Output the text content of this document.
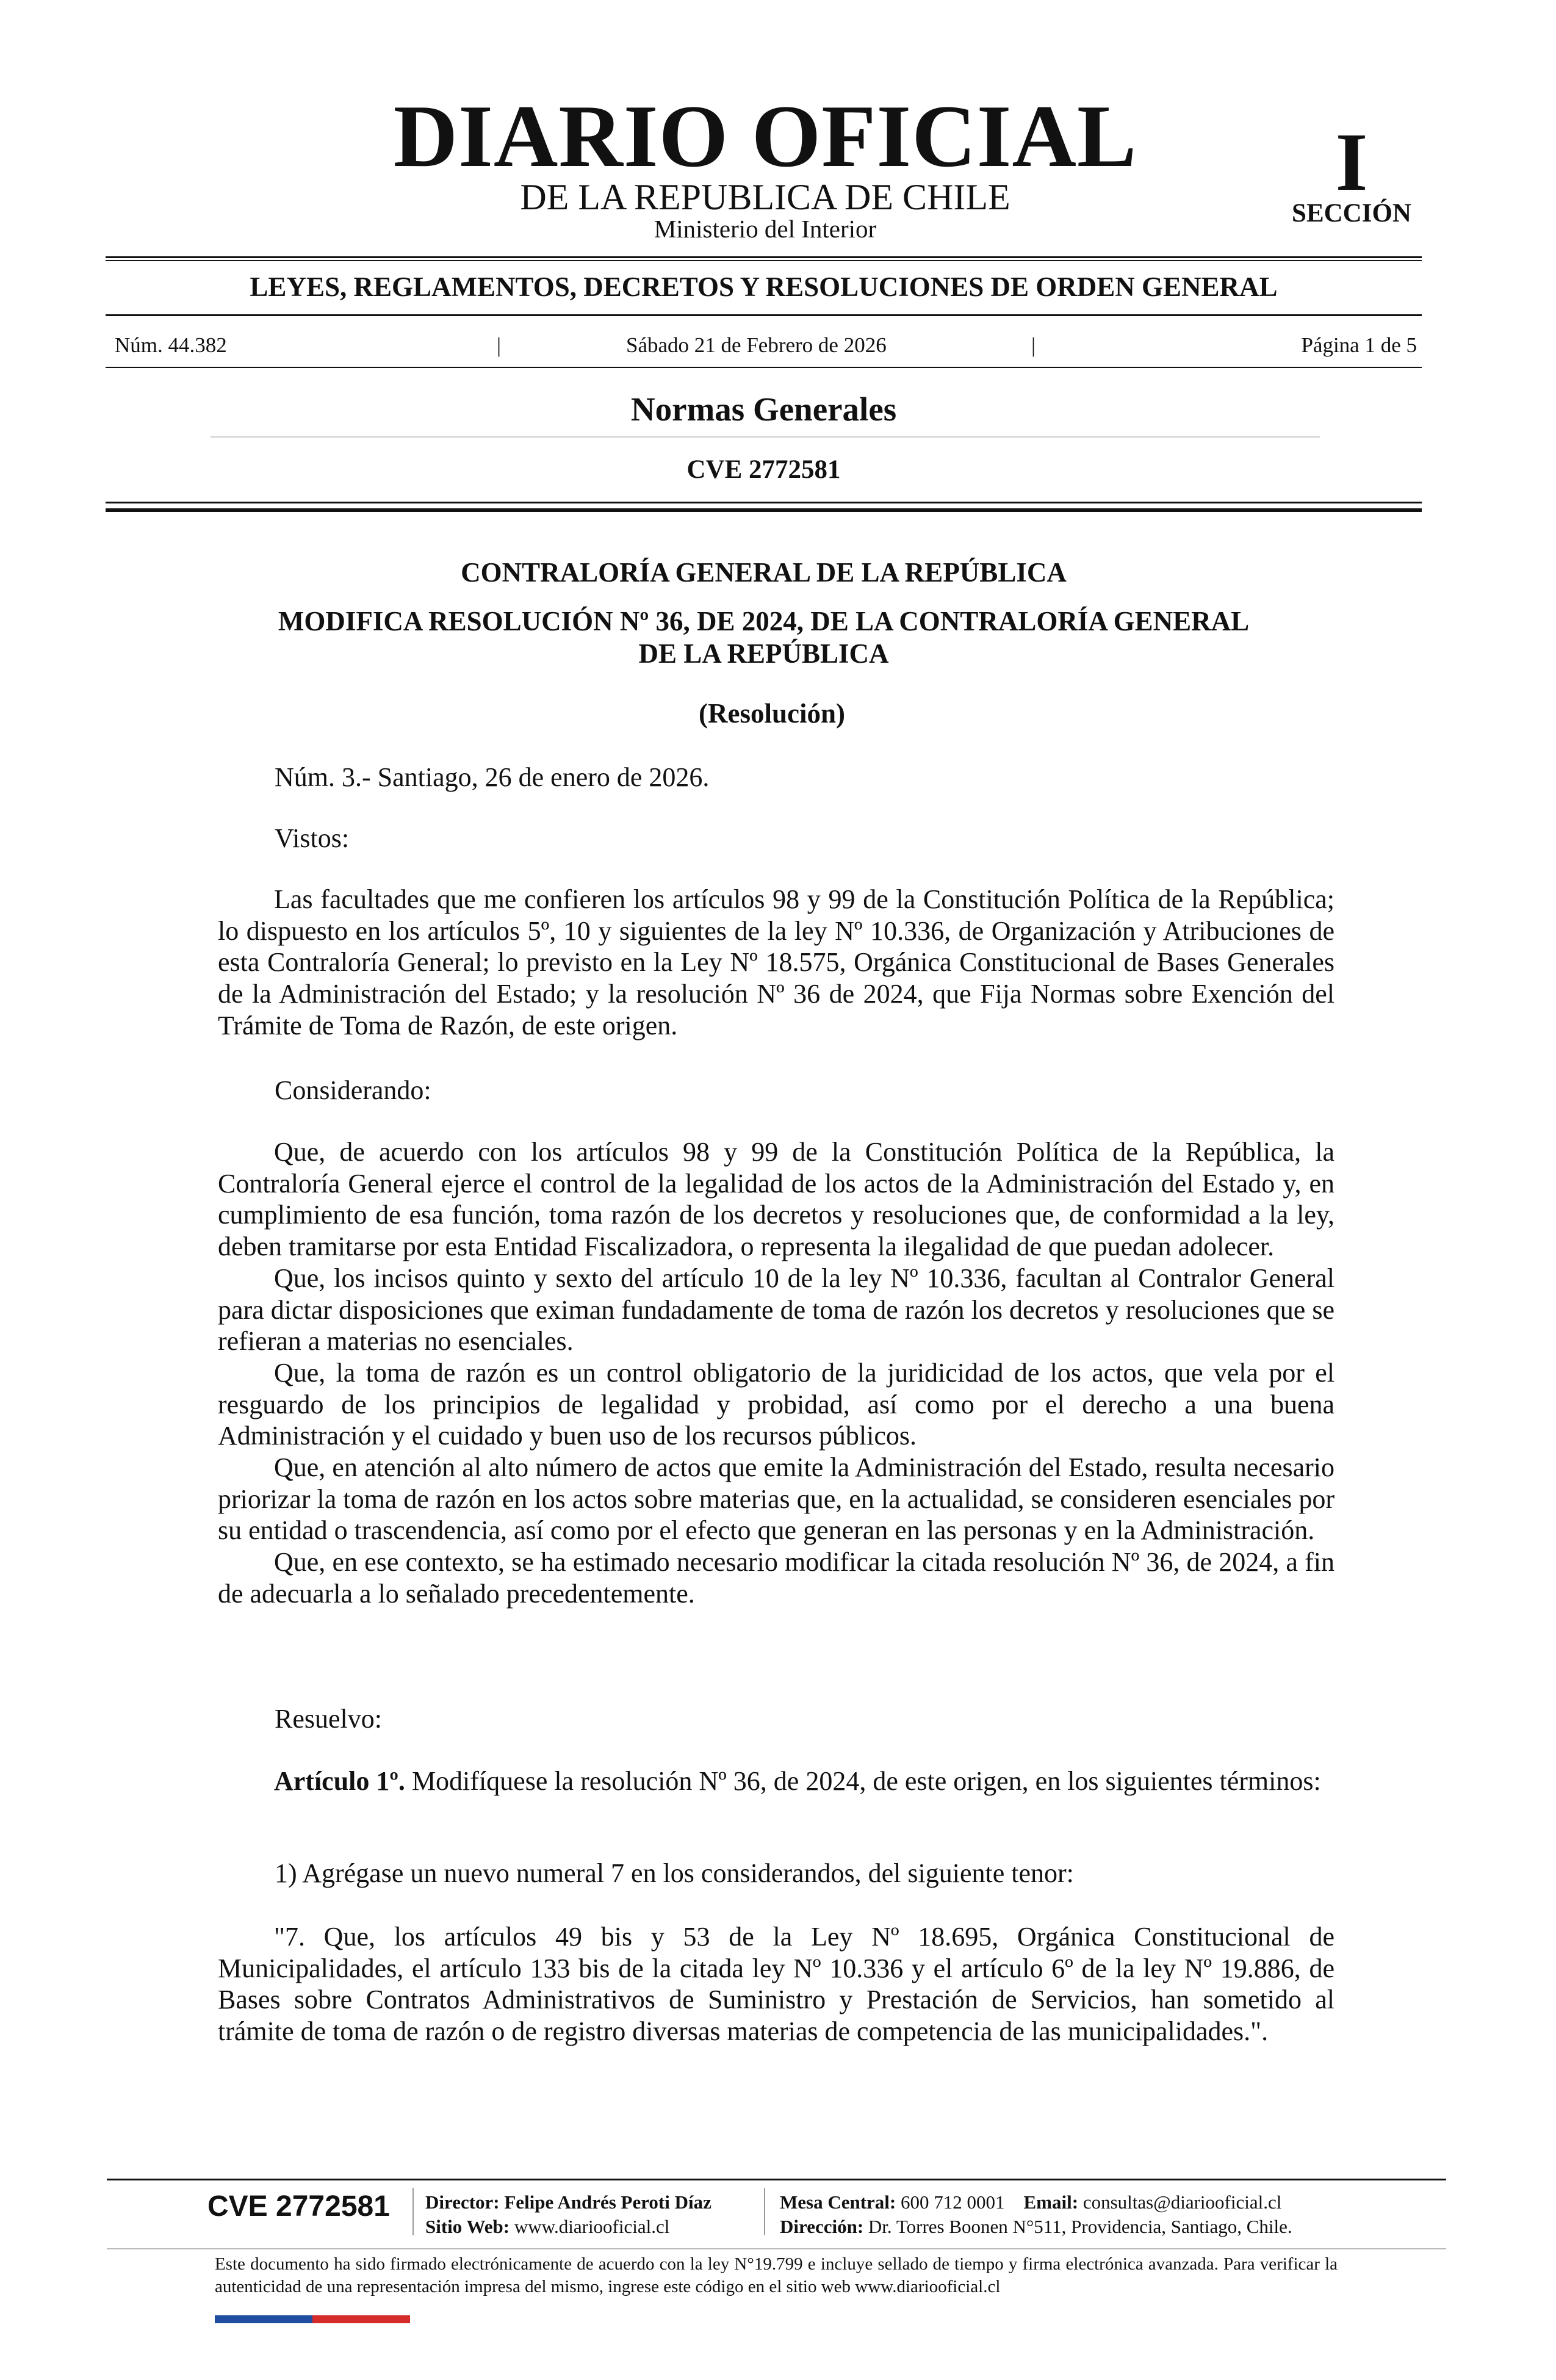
DIARIO OFICIAL
DE LA REPUBLICA DE CHILE
Ministerio del Interior
I
SECCIÓN
LEYES, REGLAMENTOS, DECRETOS Y RESOLUCIONES DE ORDEN GENERAL
Núm. 44.382	|	Sábado 21 de Febrero de 2026	|	Página 1 de 5
Normas Generales
CVE 2772581
CONTRALORÍA GENERAL DE LA REPÚBLICA
MODIFICA RESOLUCIÓN Nº 36, DE 2024, DE LA CONTRALORÍA GENERAL
DE LA REPÚBLICA
(Resolución)
Núm. 3.- Santiago, 26 de enero de 2026.
Vistos:

Las facultades que me confieren los artículos 98 y 99 de la Constitución Política de la República; lo dispuesto en los artículos 5º, 10 y siguientes de la ley Nº 10.336, de Organización y Atribuciones de esta Contraloría General; lo previsto en la Ley Nº 18.575, Orgánica Constitucional de Bases Generales de la Administración del Estado; y la resolución Nº 36 de 2024, que Fija Normas sobre Exención del Trámite de Toma de Razón, de este origen.

Considerando:

Que, de acuerdo con los artículos 98 y 99 de la Constitución Política de la República, la Contraloría General ejerce el control de la legalidad de los actos de la Administración del Estado y, en cumplimiento de esa función, toma razón de los decretos y resoluciones que, de conformidad a la ley, deben tramitarse por esta Entidad Fiscalizadora, o representa la ilegalidad de que puedan adolecer.

Que, los incisos quinto y sexto del artículo 10 de la ley Nº 10.336, facultan al Contralor General para dictar disposiciones que eximan fundadamente de toma de razón los decretos y resoluciones que se refieran a materias no esenciales.

Que, la toma de razón es un control obligatorio de la juridicidad de los actos, que vela por el resguardo de los principios de legalidad y probidad, así como por el derecho a una buena Administración y el cuidado y buen uso de los recursos públicos.

Que, en atención al alto número de actos que emite la Administración del Estado, resulta necesario priorizar la toma de razón en los actos sobre materias que, en la actualidad, se consideren esenciales por su entidad o trascendencia, así como por el efecto que generan en las personas y en la Administración.

Que, en ese contexto, se ha estimado necesario modificar la citada resolución Nº 36, de 2024, a fin de adecuarla a lo señalado precedentemente.

Resuelvo:

Artículo 1º. Modifíquese la resolución Nº 36, de 2024, de este origen, en los siguientes términos:

1) Agrégase un nuevo numeral 7 en los considerandos, del siguiente tenor:

"7. Que, los artículos 49 bis y 53 de la Ley Nº 18.695, Orgánica Constitucional de Municipalidades, el artículo 133 bis de la citada ley Nº 10.336 y el artículo 6º de la ley Nº 19.886, de Bases sobre Contratos Administrativos de Suministro y Prestación de Servicios, han sometido al trámite de toma de razón o de registro diversas materias de competencia de las municipalidades.".

CVE 2772581 Director: Felipe Andrés Peroti Díaz
Sitio Web: www.diariooficial.cl
Mesa Central: 600 712 0001 Email: consultas@diariooficial.cl
Dirección: Dr. Torres Boonen N°511, Providencia, Santiago, Chile.
Este documento ha sido firmado electrónicamente de acuerdo con la ley N°19.799 e incluye sellado de tiempo y firma electrónica avanzada. Para verificar la autenticidad de una representación impresa del mismo, ingrese este código en el sitio web www.diariooficial.cl
